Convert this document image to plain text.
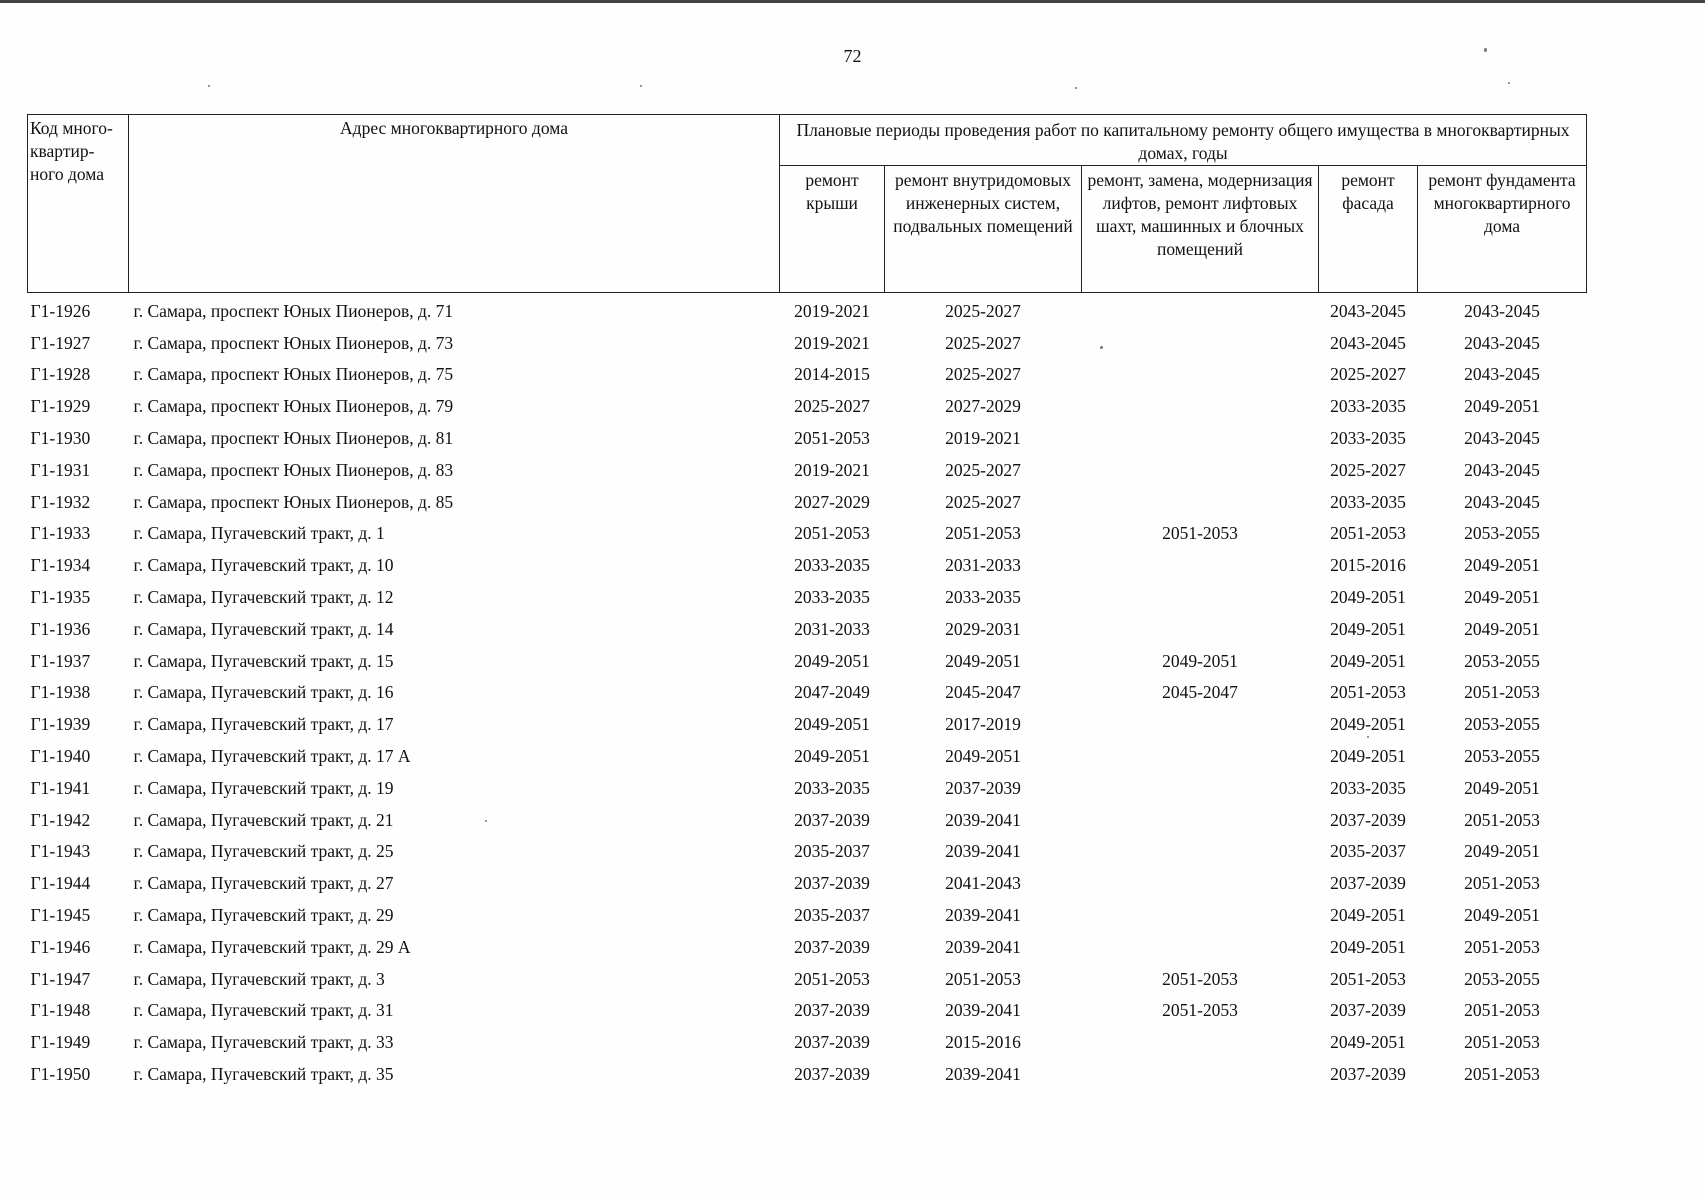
72
Код много-квартир-ного дома	Адрес многоквартирного дома	Плановые периоды проведения работ по капитальному ремонту общего имущества в многоквартирных домах, годы				
		ремонт крыши	ремонт внутридомовых инженерных систем, подвальных помещений	ремонт, замена, модернизация лифтов, ремонт лифтовых шахт, машинных и блочных помещений	ремонт фасада	ремонт фундамента многоквартирного дома
Г1-1926	г. Самара, проспект Юных Пионеров, д. 71	2019-2021	2025-2027		2043-2045	2043-2045
Г1-1927	г. Самара, проспект Юных Пионеров, д. 73	2019-2021	2025-2027		2043-2045	2043-2045
Г1-1928	г. Самара, проспект Юных Пионеров, д. 75	2014-2015	2025-2027		2025-2027	2043-2045
Г1-1929	г. Самара, проспект Юных Пионеров, д. 79	2025-2027	2027-2029		2033-2035	2049-2051
Г1-1930	г. Самара, проспект Юных Пионеров, д. 81	2051-2053	2019-2021		2033-2035	2043-2045
Г1-1931	г. Самара, проспект Юных Пионеров, д. 83	2019-2021	2025-2027		2025-2027	2043-2045
Г1-1932	г. Самара, проспект Юных Пионеров, д. 85	2027-2029	2025-2027		2033-2035	2043-2045
Г1-1933	г. Самара, Пугачевский тракт, д. 1	2051-2053	2051-2053	2051-2053	2051-2053	2053-2055
Г1-1934	г. Самара, Пугачевский тракт, д. 10	2033-2035	2031-2033		2015-2016	2049-2051
Г1-1935	г. Самара, Пугачевский тракт, д. 12	2033-2035	2033-2035		2049-2051	2049-2051
Г1-1936	г. Самара, Пугачевский тракт, д. 14	2031-2033	2029-2031		2049-2051	2049-2051
Г1-1937	г. Самара, Пугачевский тракт, д. 15	2049-2051	2049-2051	2049-2051	2049-2051	2053-2055
Г1-1938	г. Самара, Пугачевский тракт, д. 16	2047-2049	2045-2047	2045-2047	2051-2053	2051-2053
Г1-1939	г. Самара, Пугачевский тракт, д. 17	2049-2051	2017-2019		2049-2051	2053-2055
Г1-1940	г. Самара, Пугачевский тракт, д. 17 А	2049-2051	2049-2051		2049-2051	2053-2055
Г1-1941	г. Самара, Пугачевский тракт, д. 19	2033-2035	2037-2039		2033-2035	2049-2051
Г1-1942	г. Самара, Пугачевский тракт, д. 21	2037-2039	2039-2041		2037-2039	2051-2053
Г1-1943	г. Самара, Пугачевский тракт, д. 25	2035-2037	2039-2041		2035-2037	2049-2051
Г1-1944	г. Самара, Пугачевский тракт, д. 27	2037-2039	2041-2043		2037-2039	2051-2053
Г1-1945	г. Самара, Пугачевский тракт, д. 29	2035-2037	2039-2041		2049-2051	2049-2051
Г1-1946	г. Самара, Пугачевский тракт, д. 29 А	2037-2039	2039-2041		2049-2051	2051-2053
Г1-1947	г. Самара, Пугачевский тракт, д. 3	2051-2053	2051-2053	2051-2053	2051-2053	2053-2055
Г1-1948	г. Самара, Пугачевский тракт, д. 31	2037-2039	2039-2041	2051-2053	2037-2039	2051-2053
Г1-1949	г. Самара, Пугачевский тракт, д. 33	2037-2039	2015-2016		2049-2051	2051-2053
Г1-1950	г. Самара, Пугачевский тракт, д. 35	2037-2039	2039-2041		2037-2039	2051-2053
